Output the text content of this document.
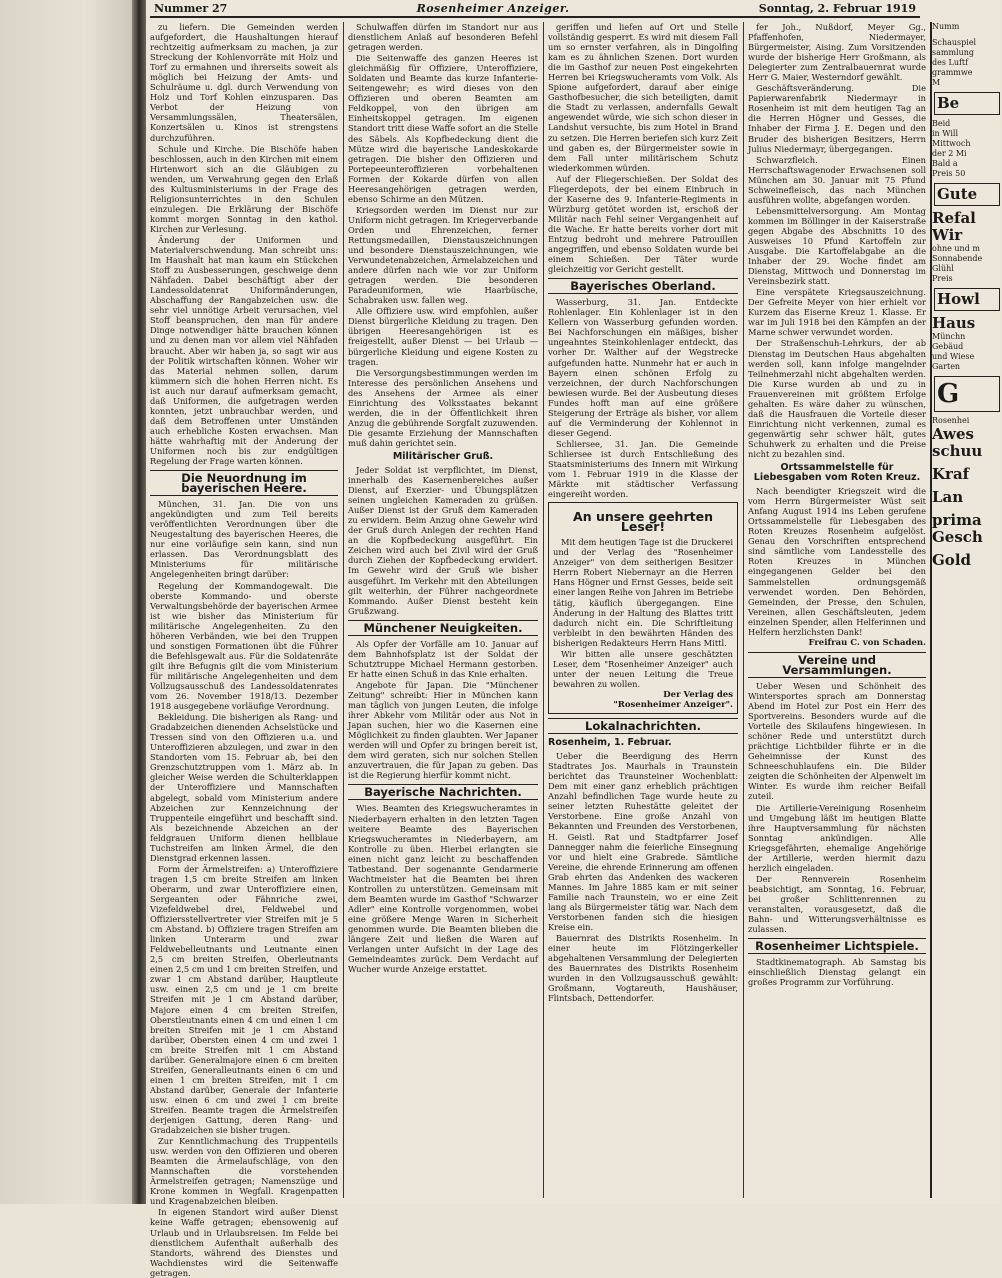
Nummer 27	Rosenheimer Anzeiger.	Sonntag, 2. Februar 1919

zu liefern. Die Gemeinden werden aufgefordert, die Haushaltungen hierauf rechtzeitig aufmerksam zu machen, ja zur Streckung der Kohlenvorräte mit Holz und Torf zu ermahnen und ihrerseits soweit als möglich bei Heizung der Amts- und Schulräume u. dgl. durch Verwendung von Holz und Torf Kohlen einzusparen. Das Verbot der Heizung von Versammlungssälen, Theatersälen, Konzertsälen u. Kinos ist strengstens durchzuführen.

Schule und Kirche. Die Bischöfe haben beschlossen, auch in den Kirchen mit einem Hirtenwort sich an die Gläubigen zu wenden, um Verwahrung gegen den Erlaß des Kultusministeriums in der Frage des Religionsunterrichtes in den Schulen einzulegen. Die Erklärung der Bischöfe kommt morgen Sonntag in den kathol. Kirchen zur Verlesung.

Änderung der Uniformen und Materialverschwendung. Man schreibt uns: Im Haushalt hat man kaum ein Stückchen Stoff zu Ausbesserungen, geschweige denn Nähfaden. Dabei beschäftigt aber der Landessoldatenrat Uniformänderungen, Abschaffung der Rangabzeichen usw. die sehr viel unnötige Arbeit verursachen, viel Stoff beanspruchen, den man für andere Dinge notwendiger hätte brauchen können und zu denen man vor allem viel Nähfaden braucht. Aber wir haben ja, so sagt wir aus der Politik wirtschaften können. Woher wir das Material nehmen sollen, darum kümmern sich die hohen Herren nicht. Es ist auch nur darauf aufmerksam gemacht, daß Uniformen, die aufgetragen werden konnten, jetzt unbrauchbar werden, und daß dem Betroffenen unter Umständen auch erhebliche Kosten erwachsen. Man hätte wahrhaftig mit der Änderung der Uniformen noch bis zur endgültigen Regelung der Frage warten können.

Die Neuordnung im bayerischen Heere.

München, 31. Jan. Die von uns angekündigten und zum Teil bereits veröffentlichten Verordnungen über die Neugestaltung des bayerischen Heeres, die nur eine vorläufige sein kann, sind nun erlassen. Das Verordnungsblatt des Ministeriums für militärische Angelegenheiten bringt darüber:

Regelung der Kommandogewalt. Die oberste Kommando- und oberste Verwaltungsbehörde der bayerischen Armee ist wie bisher das Ministerium für militärische Angelegenheiten. Zu den höheren Verbänden, wie bei den Truppen und sonstigen Formationen übt die Führer die Befehlsgewalt aus. Für die Soldatenräte gilt ihre Befugnis gilt die vom Ministerium für militärische Angelegenheiten und dem Vollzugsausschuß des Landessoldatenrates vom 26. November 1918/13. Dezember 1918 ausgegebene vorläufige Verordnung.

Bekleidung. Die bisherigen als Rang- und Gradabzeichen dienenden Achselstücke und Tressen sind von den Offizieren u.a. und Unteroffizieren abzulegen, und zwar in den Standorten vom 15. Februar ab, bei den Grenzschutztruppen vom 1. März ab. In gleicher Weise werden die Schulterklappen der Unteroffiziere und Mannschaften abgelegt, sobald vom Ministerium andere Abzeichen zur Kennzeichnung der Truppenteile eingeführt und beschafft sind. Als bezeichnende Abzeichen an der feldgrauen Uniform dienen hellblaue Tuchstreifen am linken Ärmel, die den Dienstgrad erkennen lassen.

Form der Ärmelstreifen: a) Unteroffiziere tragen 1,5 cm breite Streifen am linken Oberarm, und zwar Unteroffiziere einen, Sergeanten oder Fähnriche zwei, Vizefeldwebel drei, Feldwebel und Offiziersstellvertreter vier Streifen mit je 5 cm Abstand. b) Offiziere tragen Streifen am linken Unterarm und zwar Feldwebelleutnants und Leutnante einen 2,5 cm breiten Streifen, Oberleutnants einen 2,5 cm und 1 cm breiten Streifen, und zwar 1 cm Abstand darüber, Hauptleute usw. einen 2,5 cm und je 1 cm breite Streifen mit je 1 cm Abstand darüber, Majore einen 4 cm breiten Streifen, Oberstleutnants einen 4 cm und einen 1 cm breiten Streifen mit je 1 cm Abstand darüber, Obersten einen 4 cm und zwei 1 cm breite Streifen mit 1 cm Abstand darüber. Generalmajore einen 6 cm breiten Streifen, Generalleutnants einen 6 cm und einen 1 cm breiten Streifen, mit 1 cm Abstand darüber, Generale der Infanterie usw. einen 6 cm und zwei 1 cm breite Streifen. Beamte tragen die Ärmelstreifen derjenigen Gattung, deren Rang- und Gradabzeichen sie bisher trugen.

Zur Kenntlichmachung des Truppenteils usw. werden von den Offizieren und oberen Beamten die Ärmelaufschläge, von den Mannschaften die vorstehenden Ärmelstreifen getragen; Namenszüge und Krone kommen in Wegfall. Kragenpatten und Kragenabzeichen bleiben.

In eigenen Standort wird außer Dienst keine Waffe getragen; ebensowenig auf Urlaub und in Urlaubsreisen. Im Felde bei dienstlichem Aufenthalt außerhalb des Standorts, während des Dienstes und Wachdienstes wird die Seitenwaffe getragen.

Schulwaffen dürfen im Standort nur aus dienstlichem Anlaß auf besonderen Befehl getragen werden.

Die Seitenwaffe des ganzen Heeres ist gleichmäßig für Offiziere, Unteroffiziere, Soldaten und Beamte das kurze Infanterie-Seitengewehr; es wird dieses von den Offizieren und oberen Beamten am Feldkoppel, von den übrigen am Einheitskoppel getragen. Im eigenen Standort tritt diese Waffe sofort an die Stelle des Säbels. Als Kopfbedeckung dient die Mütze wird die bayerische Landeskokarde getragen. Die bisher den Offizieren und Portepeeunteroffizieren vorbehaltenen Formen der Kokarde dürfen von allen Heeresangehörigen getragen werden, ebenso Schirme an den Mützen.

Kriegsorden werden im Dienst nur zur Uniform nicht getragen. Im Kriegerverbande Orden und Ehrenzeichen, ferner Rettungsmedaillen, Dienstauszeichnungen und besondere Dienstauszeichnungen, wie Verwundetenabzeichen, Ärmelabzeichen und andere dürfen nach wie vor zur Uniform getragen werden. Die besonderen Paradeuniformen, wie Haarbüsche, Schabraken usw. fallen weg.

Alle Offiziere usw. wird empfohlen, außer Dienst bürgerliche Kleidung zu tragen. Den übrigen Heeresangehörigen ist es freigestellt, außer Dienst — bei Urlaub — bürgerliche Kleidung und eigene Kosten zu tragen.

Die Versorgungsbestimmungen werden im Interesse des persönlichen Ansehens und des Ansehens der Armee als einer Einrichtung des Volksstaates bekannt werden, die in der Öffentlichkeit ihren Anzug die gebührende Sorgfalt zuzuwenden. Die gesamte Erziehung der Mannschaften muß dahin gerichtet sein.

Militärischer Gruß.

Jeder Soldat ist verpflichtet, im Dienst, innerhalb des Kasernenbereiches außer Dienst, auf Exerzier- und Übungsplätzen seinen ungleichen Kameraden zu grüßen. Außer Dienst ist der Gruß dem Kameraden zu erwidern. Beim Anzug ohne Gewehr wird der Gruß durch Anlegen der rechten Hand an die Kopfbedeckung ausgeführt. Ein Zeichen wird auch bei Zivil wird der Gruß durch Ziehen der Kopfbedeckung erwidert. Im Gewehr wird der Gruß wie bisher ausgeführt. Im Verkehr mit den Abteilungen gilt weiterhin, der Führer nachgeordnete Kommando. Außer Dienst besteht kein Grußzwang.

Münchener Neuigkeiten.

Als Opfer der Vorfälle am 10. Januar auf dem Bahnhofsplatz ist der Soldat der Schutztruppe Michael Hermann gestorben. Er hatte einen Schuß in das Knie erhalten.

Angebote für Japan. Die "Münchener Zeitung" schreibt: Hier in München kann man täglich von jungen Leuten, die infolge ihrer Abkehr vom Militär oder aus Not in Japan suchen, hier wo die Kasernen eine Möglichkeit zu finden glaubten. Wer Japaner werden will und Opfer zu bringen bereit ist, dem wird geraten, sich nur solchen Stellen anzuvertrauen, die für Japan zu geben. Das ist die Regierung hierfür kommt nicht.

Bayerische Nachrichten.

Wies. Beamten des Kriegswucheramtes in Niederbayern erhalten in den letzten Tagen weitere Beamte des Bayerischen Kriegswucheramtes in Niederbayern, am Kontrolle zu üben. Hierbei erlangten sie einen nicht ganz leicht zu beschaffenden Tatbestand. Der sogenannte Gendarmerie Wachtmeister hat die Beamten bei ihren Kontrollen zu unterstützen. Gemeinsam mit dem Beamten wurde im Gasthof "Schwarzer Adler" eine Kontrolle vorgenommen, wobei eine größere Menge Waren in Sicherheit genommen wurde. Die Beamten blieben die längere Zeit und ließen die Waren auf Verlangen unter Aufsicht in der Lage des Gemeindeamtes zurück. Dem Verdacht auf Wucher wurde Anzeige erstattet.

geriffen und liefen auf Ort und Stelle vollständig gesperrt. Es wird mit diesem Fall um so ernster verfahren, als in Dingolfing kam es zu ähnlichen Szenen. Dort wurden die im Gasthof zur neuen Post eingekehrten Herren bei Kriegswucheramts vom Volk. Als Spione aufgefordert, darauf aber einige Gasthofbesucher, die sich beteiligten, damit die Stadt zu verlassen, andernfalls Gewalt angewendet würde, wie sich schon dieser in Landshut versuchte, bis zum Hotel in Brand zu setzen. Die Herren beriefen sich kurz Zeit und gaben es, der Bürgermeister sowie in dem Fall unter militärischem Schutz wiederkommen würden.

Auf der Fliegerschießen. Der Soldat des Fliegerdepots, der bei einem Einbruch in der Kaserne des 9. Infanterie-Regiments in Würzburg getötet worden ist, erschoß der Militär nach Fehl seiner Vergangenheit auf die Wache. Er hatte bereits vorher dort mit Entzug bedroht und mehrere Patrouillen angegriffen, und ebenso Soldaten wurde bei einem Schießen. Der Täter wurde gleichzeitig vor Gericht gestellt.

Bayerisches Oberland.

Wasserburg, 31. Jan. Entdeckte Rohlenlager. Ein Kohlenlager ist in den Kellern von Wasserburg gefunden worden. Bei Nachforschungen ein mäßiges, bisher ungeahntes Steinkohlenlager entdeckt, das vorher Dr. Walther auf der Wegstrecke aufgefunden hatte. Nunmehr hat er auch in Bayern einen schönen Erfolg zu verzeichnen, der durch Nachforschungen bewiesen wurde. Bei der Ausbeutung dieses Fundes hofft man auf eine größere Steigerung der Erträge als bisher, vor allem auf die Verminderung der Kohlennot in dieser Gegend.

Schliersee, 31. Jan. Die Gemeinde Schliersee ist durch Entschließung des Staatsministeriums des Innern mit Wirkung vom 1. Februar 1919 in die Klasse der Märkte mit städtischer Verfassung eingereiht worden.

An unsere geehrten Leser!

Mit dem heutigen Tage ist die Druckerei und der Verlag des "Rosenheimer Anzeiger" von dem seitherigen Besitzer Herrn Robert Niebernayr an die Herren Hans Högner und Ernst Gesses, beide seit einer langen Reihe von Jahren im Betriebe tätig, käuflich übergegangen. Eine Änderung in der Haltung des Blattes tritt dadurch nicht ein. Die Schriftleitung verbleibt in den bewährten Händen des bisherigen Redakteurs Herrn Hans Mittl.

Wir bitten alle unsere geschätzten Leser, dem "Rosenheimer Anzeiger" auch unter der neuen Leitung die Treue bewahren zu wollen.

Der Verlag des
"Rosenheimer Anzeiger".
Lokalnachrichten.
Rosenheim, 1. Februar.

Ueber die Beerdigung des Herrn Stadtrates Jos. Maurhals in Traunstein berichtet das Traunsteiner Wochenblatt: Dem mit einer ganz erheblich prächtigen Anzahl befindlichen Tage wurde heute zu seiner letzten Ruhestätte geleitet der Verstorbene. Eine große Anzahl von Bekannten und Freunden des Verstorbenen, H. Geistl. Rat und Stadtpfarrer Josef Dannegger nahm die feierliche Einsegnung vor und hielt eine Grabrede. Sämtliche Vereine, die ehrende Erinnerung am offenen Grab ehrten das Andenken des wackeren Mannes. Im Jahre 1885 kam er mit seiner Familie nach Traunstein, wo er eine Zeit lang als Bürgermeister tätig war. Nach dem Verstorbenen fanden sich die hiesigen Kreise ein.

Bauernrat des Distrikts Rosenheim. In einer heute im Flötzingerkeller abgehaltenen Versammlung der Delegierten des Bauernrates des Distrikts Rosenheim wurden in den Vollzugsausschuß gewählt: Großmann, Vogtareuth, Haushäuser, Flintsbach, Dettendorfer.

fer Joh., Nußdorf, Meyer Gg., Pfaffenhofen, Niedermayer, Bürgermeister, Aising. Zum Vorsitzenden wurde der bisherige Herr Großmann, als Delegierter zum Zentralbauernrat wurde Herr G. Maier, Westerndorf gewählt.

Geschäftsveränderung. Die Papierwarenfabrik Niedermayr in Rosenheim ist mit dem heutigen Tag an die Herren Högner und Gesses, die Inhaber der Firma J. E. Degen und den Bruder des bisherigen Besitzers, Herrn Julius Niedermayr, übergegangen.

Schwarzfleich. Einen Herrschaftswagenoder Erwachsenen soll München am 30. Januar mit 75 Pfund Schweinefleisch, das nach München ausführen wollte, abgefangen worden.

Lebensmittelversorgung. Am Montag kommen im Böllinger in der Kaiserstraße gegen Abgabe des Abschnitts 10 des Ausweises 10 Pfund Kartoffeln zur Ausgabe. Die Kartoffelabgabe an die Inhaber der 29. Woche findet am Dienstag, Mittwoch und Donnerstag im Vereinsbezirk statt.

Eine verspätete Kriegsauszeichnung. Der Gefreite Meyer von hier erhielt vor Kurzem das Eiserne Kreuz 1. Klasse. Er war im Juli 1918 bei den Kämpfen an der Marne schwer verwundet worden.

Der Straßenschuh-Lehrkurs, der ab Dienstag im Deutschen Haus abgehalten werden soll, kann infolge mangelnder Teilnehmerzahl nicht abgehalten werden. Die Kurse wurden ab und zu in Frauenvereinen mit größtem Erfolge gehalten. Es wäre daher zu wünschen, daß die Hausfrauen die Vorteile dieser Einrichtung nicht verkennen, zumal es gegenwärtig sehr schwer hält, gutes Schuhwerk zu erhalten und die Preise nicht zu bezahlen sind.

Ortssammelstelle für Liebesgaben vom Roten Kreuz.

Nach beendigter Kriegszeit wird die vom Herrn Bürgermeister Wüst seit Anfang August 1914 ins Leben gerufene Ortssammelstelle für Liebesgaben des Roten Kreuzes Rosenheim aufgelöst. Genau den Vorschriften entsprechend sind sämtliche vom Landesstelle des Roten Kreuzes in München eingegangenen Gelder bei den Sammelstellen ordnungsgemäß verwendet worden. Den Behörden, Gemeinden, der Presse, den Schulen, Vereinen, allen Geschäftsleuten, jedem einzelnen Spender, allen Helferinnen und Helfern herzlichsten Dank!

Freifrau C. von Schaden.
Vereine und Versammlungen.

Ueber Wesen und Schönheit des Wintersportes sprach am Donnerstag Abend im Hotel zur Post ein Herr des Sportvereins. Besonders wurde auf die Vorteile des Skilaufens hingewiesen. In schöner Rede und unterstützt durch prächtige Lichtbilder führte er in die Geheimnisse der Kunst des Schneeschuhlaufens ein. Die Bilder zeigten die Schönheiten der Alpenwelt im Winter. Es wurde ihm reicher Beifall zuteil.

Die Artillerie-Vereinigung Rosenheim und Umgebung läßt im heutigen Blatte ihre Hauptversammlung für nächsten Sonntag ankündigen. Alle Kriegsgefährten, ehemalige Angehörige der Artillerie, werden hiermit dazu herzlich eingeladen.

Der Rennverein Rosenheim beabsichtigt, am Sonntag, 16. Februar, bei großer Schlittenrennen zu veranstalten, vorausgesetzt, daß die Bahn- und Witterungsverhältnisse es zulassen.

Rosenheimer Lichtspiele.

Stadtkinematograph. Ab Samstag bis einschließlich Dienstag gelangt ein großes Programm zur Vorführung.

Numm
Schauspiel
sammlung
des Luftf
grammwe
M
Be
Beid
in Will
Mittwoch
der 2 Mi
Bald a
Preis 50
Gute
Refal
Wir
ohne und m
Sonnabende
Glühl
Preis
Howl
Haus
Münchn
Gebäud
und Wiese
Garten
G
Rosenhei
Awes
schuu
Kraf
Lan
prima
Gesch
Gold
